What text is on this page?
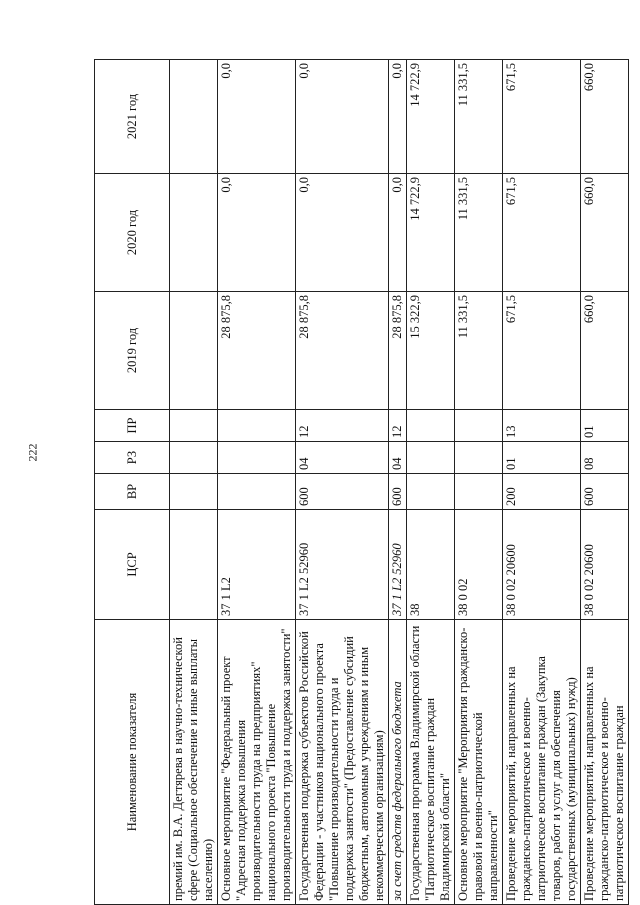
222
Наименование показателя	ЦСР	ВР	РЗ	ПР	2019 год	2020 год	2021 год
премий им. В.А. Дегтярева в научно-технической сфере (Социальное обеспечение и иные выплаты населению)							
Основное мероприятие "Федеральный проект "Адресная поддержка повышения производительности труда на предприятиях" национального проекта "Повышение производительности труда и поддержка занятости"	37 1 L2				28 875,8	0,0	0,0
Государственная поддержка субъектов Российской Федерации - участников национального проекта "Повышение производительности труда и поддержка занятости" (Предоставление субсидий бюджетным, автономным учреждениям и иным некоммерческим организациям)	37 1 L2 52960	600	04	12	28 875,8	0,0	0,0
за счет средств федерального бюджета	37 1 L2 52960	600	04	12	28 875,8	0,0	0,0
Государственная программа Владимирской области "Патриотическое воспитание граждан Владимирской области"	38				15 322,9	14 722,9	14 722,9
Основное мероприятие "Мероприятия гражданско-правовой и военно-патриотической направленности"	38 0 02				11 331,5	11 331,5	11 331,5
Проведение мероприятий, направленных на гражданско-патриотическое и военно-патриотическое воспитание граждан (Закупка товаров, работ и услуг для обеспечения государственных (муниципальных) нужд)	38 0 02 20600	200	01	13	671,5	671,5	671,5
Проведение мероприятий, направленных на гражданско-патриотическое и военно-патриотическое воспитание граждан	38 0 02 20600	600	08	01	660,0	660,0	660,0
